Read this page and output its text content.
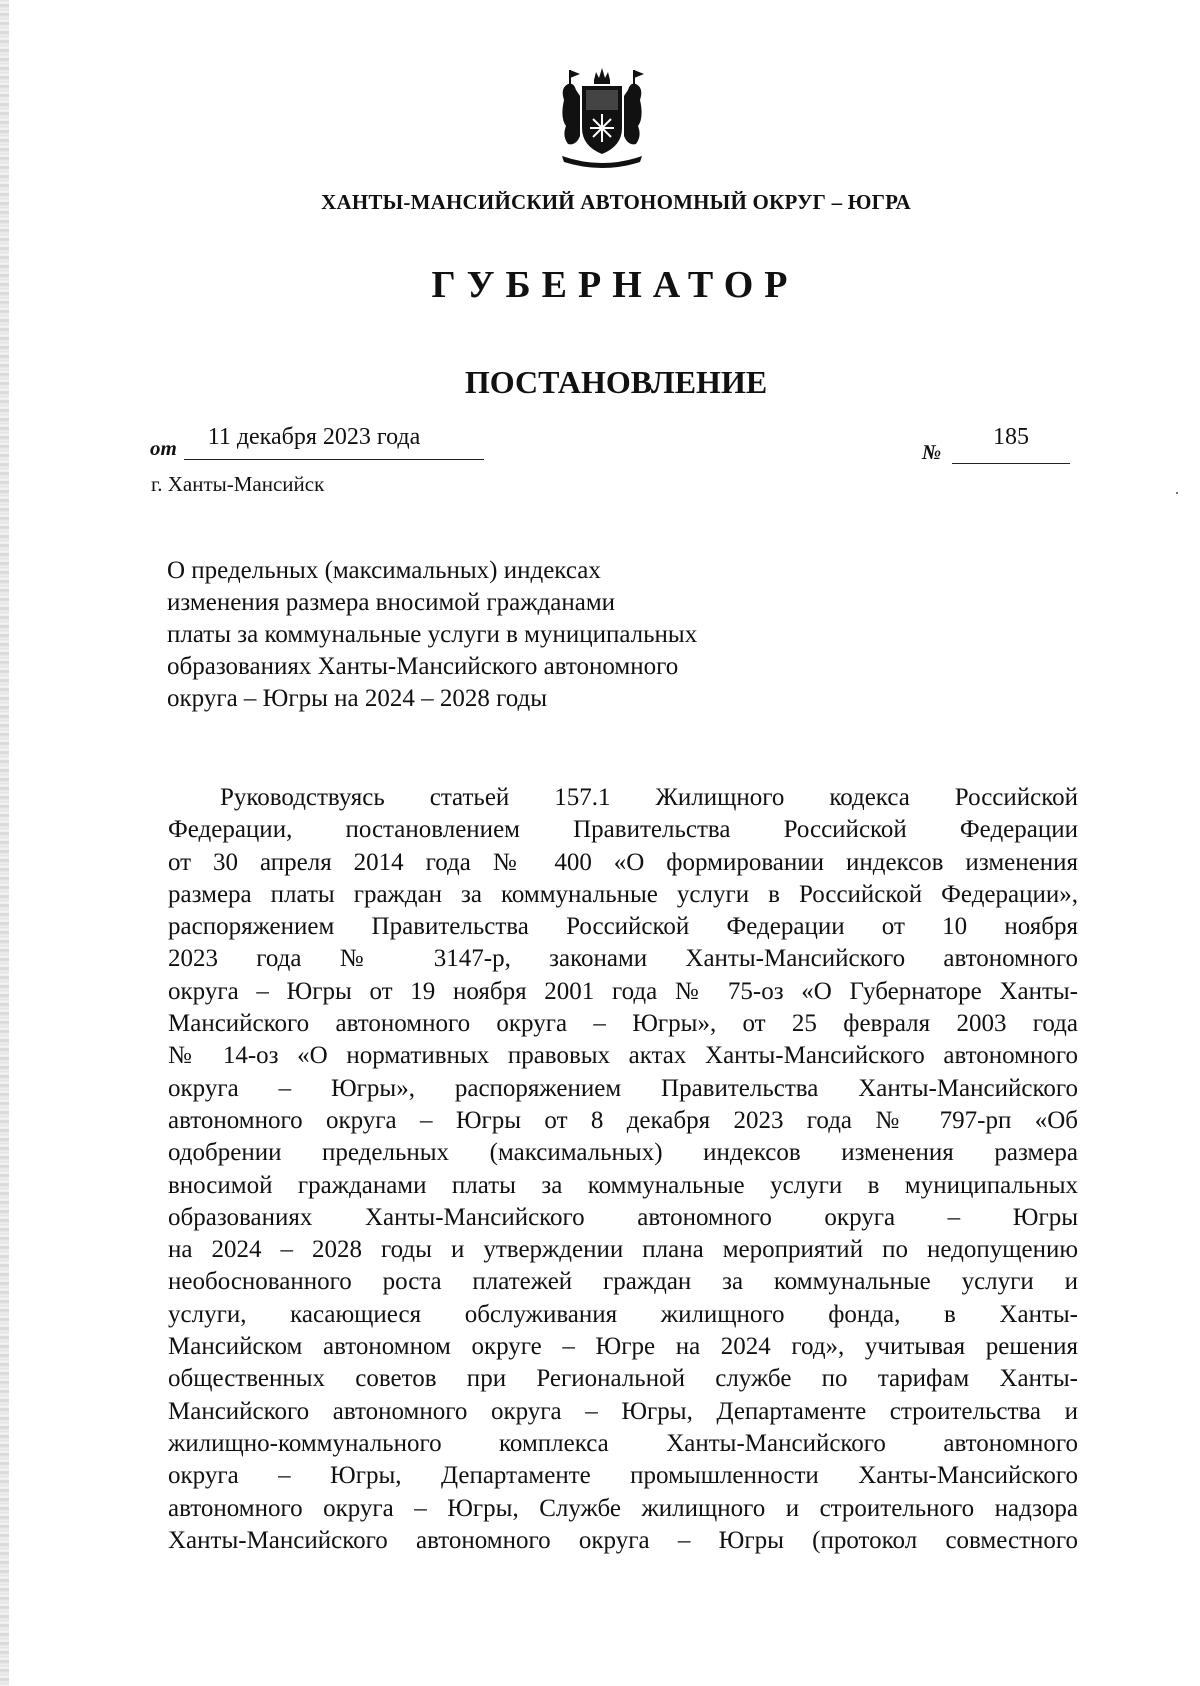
ХАНТЫ-МАНСИЙСКИЙ АВТОНОМНЫЙ ОКРУГ – ЮГРА
ГУБЕРНАТОР
ПОСТАНОВЛЕНИЕ
от	11 декабря 2023 года
№
185
г. Ханты-Мансийск
О предельных (максимальных) индексах
изменения размера вносимой гражданами
платы за коммунальные услуги в муниципальных
образованиях Ханты-Мансийского автономного
округа – Югры на 2024 – 2028 годы
Руководствуясь статьей 157.1 Жилищного кодекса Российской
Федерации, постановлением Правительства Российской Федерации
от 30 апреля 2014 года № 400 «О формировании индексов изменения
размера платы граждан за коммунальные услуги в Российской Федерации»,
распоряжением Правительства Российской Федерации от 10 ноября
2023 года № 3147-р, законами Ханты-Мансийского автономного
округа – Югры от 19 ноября 2001 года № 75-оз «О Губернаторе Ханты-
Мансийского автономного округа – Югры», от 25 февраля 2003 года
№ 14-оз «О нормативных правовых актах Ханты-Мансийского автономного
округа – Югры», распоряжением Правительства Ханты-Мансийского
автономного округа – Югры от 8 декабря 2023 года № 797-рп «Об
одобрении предельных (максимальных) индексов изменения размера
вносимой гражданами платы за коммунальные услуги в муниципальных
образованиях Ханты-Мансийского автономного округа – Югры
на 2024 – 2028 годы и утверждении плана мероприятий по недопущению
необоснованного роста платежей граждан за коммунальные услуги и
услуги, касающиеся обслуживания жилищного фонда, в Ханты-
Мансийском автономном округе – Югре на 2024 год», учитывая решения
общественных советов при Региональной службе по тарифам Ханты-
Мансийского автономного округа – Югры, Департаменте строительства и
жилищно-коммунального комплекса Ханты-Мансийского автономного
округа – Югры, Департаменте промышленности Ханты-Мансийского
автономного округа – Югры, Службе жилищного и строительного надзора
Ханты-Мансийского автономного округа – Югры (протокол совместного
